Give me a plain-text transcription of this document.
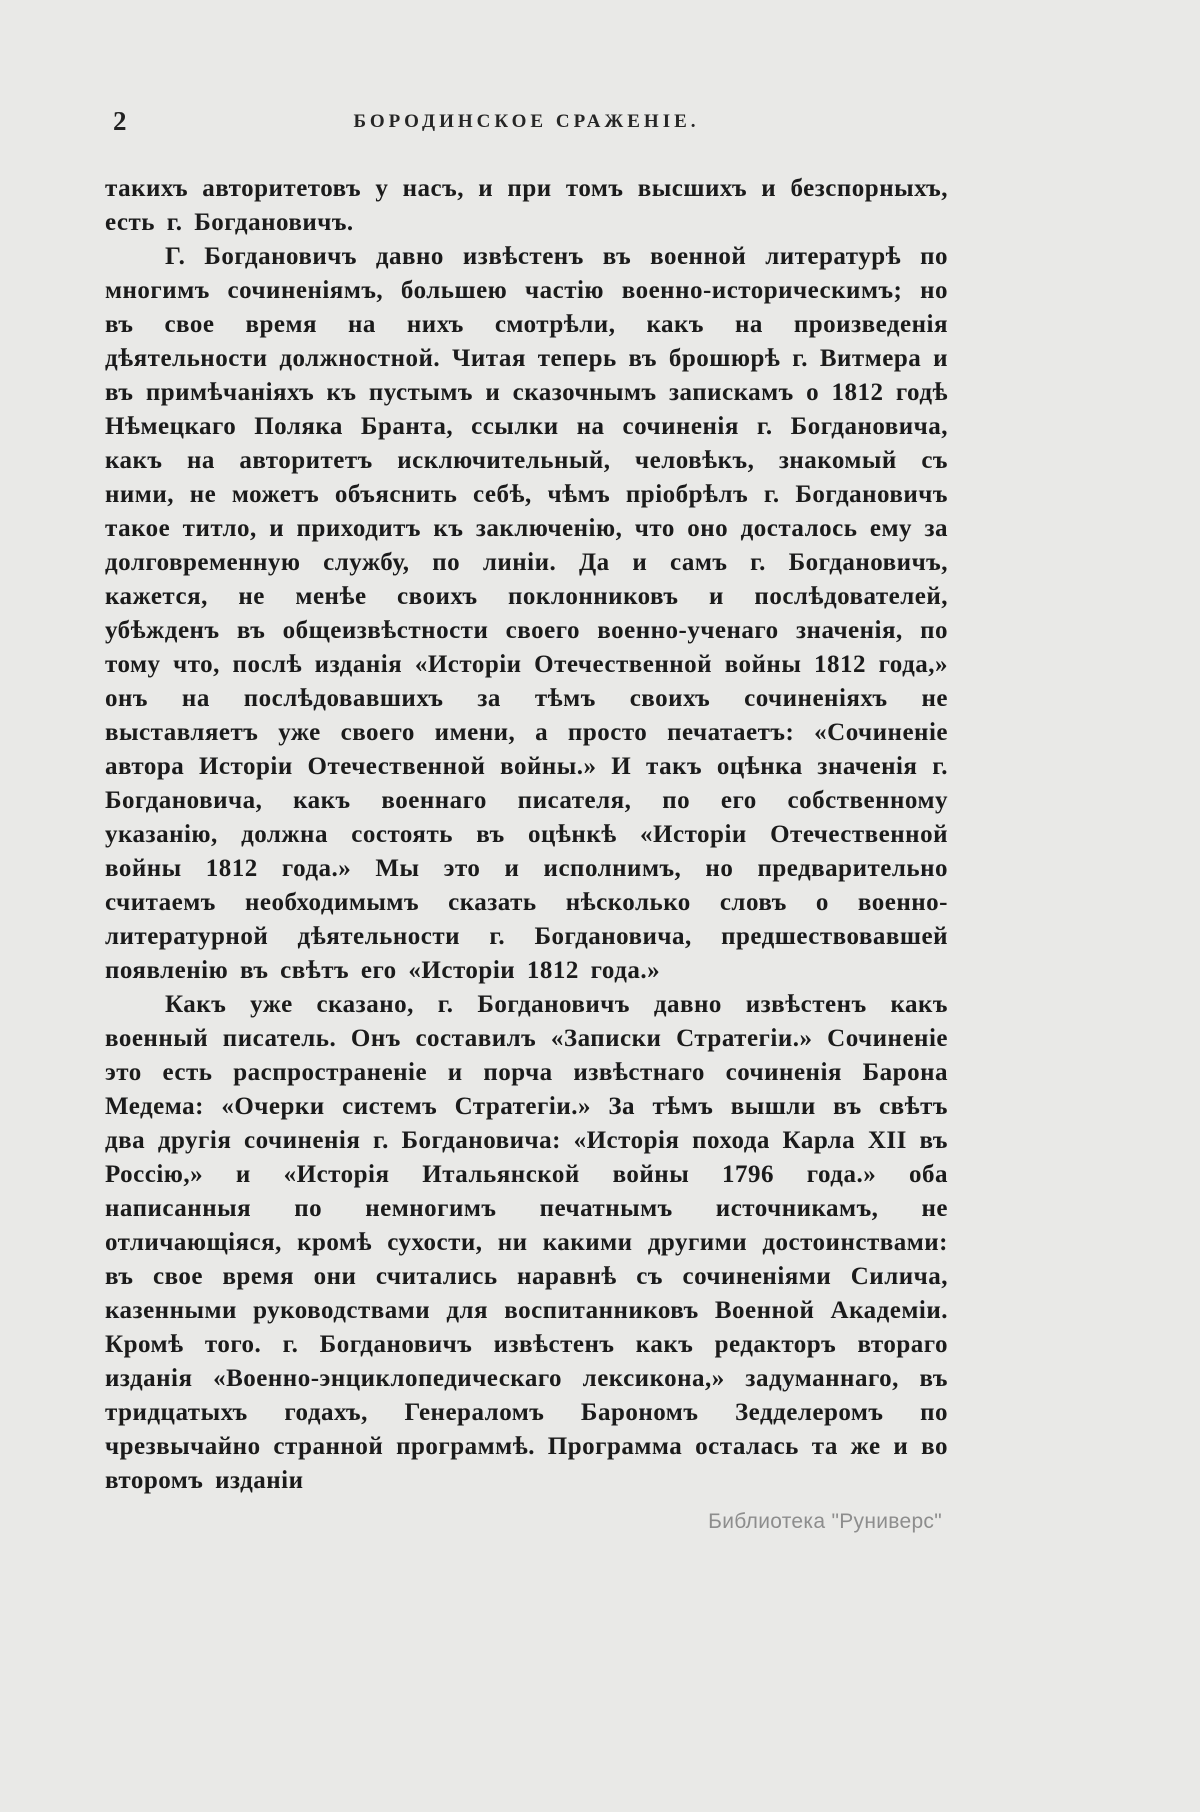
2	БОРОДИНСКОЕ СРАЖЕНІЕ.

такихъ авторитетовъ у насъ, и при томъ высшихъ и безспорныхъ, есть г. Богдановичъ.

Г. Богдановичъ давно извѣстенъ въ военной литературѣ по многимъ сочиненіямъ, большею частію военно-историческимъ; но въ свое время на нихъ смотрѣли, какъ на произведенія дѣятельности должностной. Читая теперь въ брошюрѣ г. Витмера и въ примѣчаніяхъ къ пустымъ и сказочнымъ запискамъ о 1812 годѣ Нѣмецкаго Поляка Бранта, ссылки на сочиненія г. Богдановича, какъ на авторитетъ исключительный, человѣкъ, знакомый съ ними, не можетъ объяснить себѣ, чѣмъ пріобрѣлъ г. Богдановичъ такое титло, и приходитъ къ заключенію, что оно досталось ему за долговременную службу, по линіи. Да и самъ г. Богдановичъ, кажется, не менѣе своихъ поклонниковъ и послѣдователей, убѣжденъ въ общеизвѣстности своего военно-ученаго значенія, по тому что, послѣ изданія «Исторіи Отечественной войны 1812 года,» онъ на послѣдовавшихъ за тѣмъ своихъ сочиненіяхъ не выставляетъ уже своего имени, а просто печатаетъ: «Сочиненіе автора Исторіи Отечественной войны.» И такъ оцѣнка значенія г. Богдановича, какъ военнаго писателя, по его собственному указанію, должна состоять въ оцѣнкѣ «Исторіи Отечественной войны 1812 года.» Мы это и исполнимъ, но предварительно считаемъ необходимымъ сказать нѣсколько словъ о военно-литературной дѣятельности г. Богдановича, предшествовавшей появленію въ свѣтъ его «Исторіи 1812 года.»

Какъ уже сказано, г. Богдановичъ давно извѣстенъ какъ военный писатель. Онъ составилъ «Записки Стратегіи.» Сочиненіе это есть распространеніе и порча извѣстнаго сочиненія Барона Медема: «Очерки системъ Стратегіи.» За тѣмъ вышли въ свѣтъ два другія сочиненія г. Богдановича: «Исторія похода Карла XII въ Россію,» и «Исторія Итальянской войны 1796 года.» оба написанныя по немногимъ печатнымъ источникамъ, не отличающіяся, кромѣ сухости, ни какими другими достоинствами: въ свое время они считались наравнѣ съ сочиненіями Силича, казенными руководствами для воспитанниковъ Военной Академіи. Кромѣ того. г. Богдановичъ извѣстенъ какъ редакторъ втораго изданія «Военно-энциклопедическаго лексикона,» задуманнаго, въ тридцатыхъ годахъ, Генераломъ Барономъ Зедделеромъ по чрезвычайно странной программѣ. Программа осталась та же и во второмъ изданіи

Библиотека "Руниверс"
